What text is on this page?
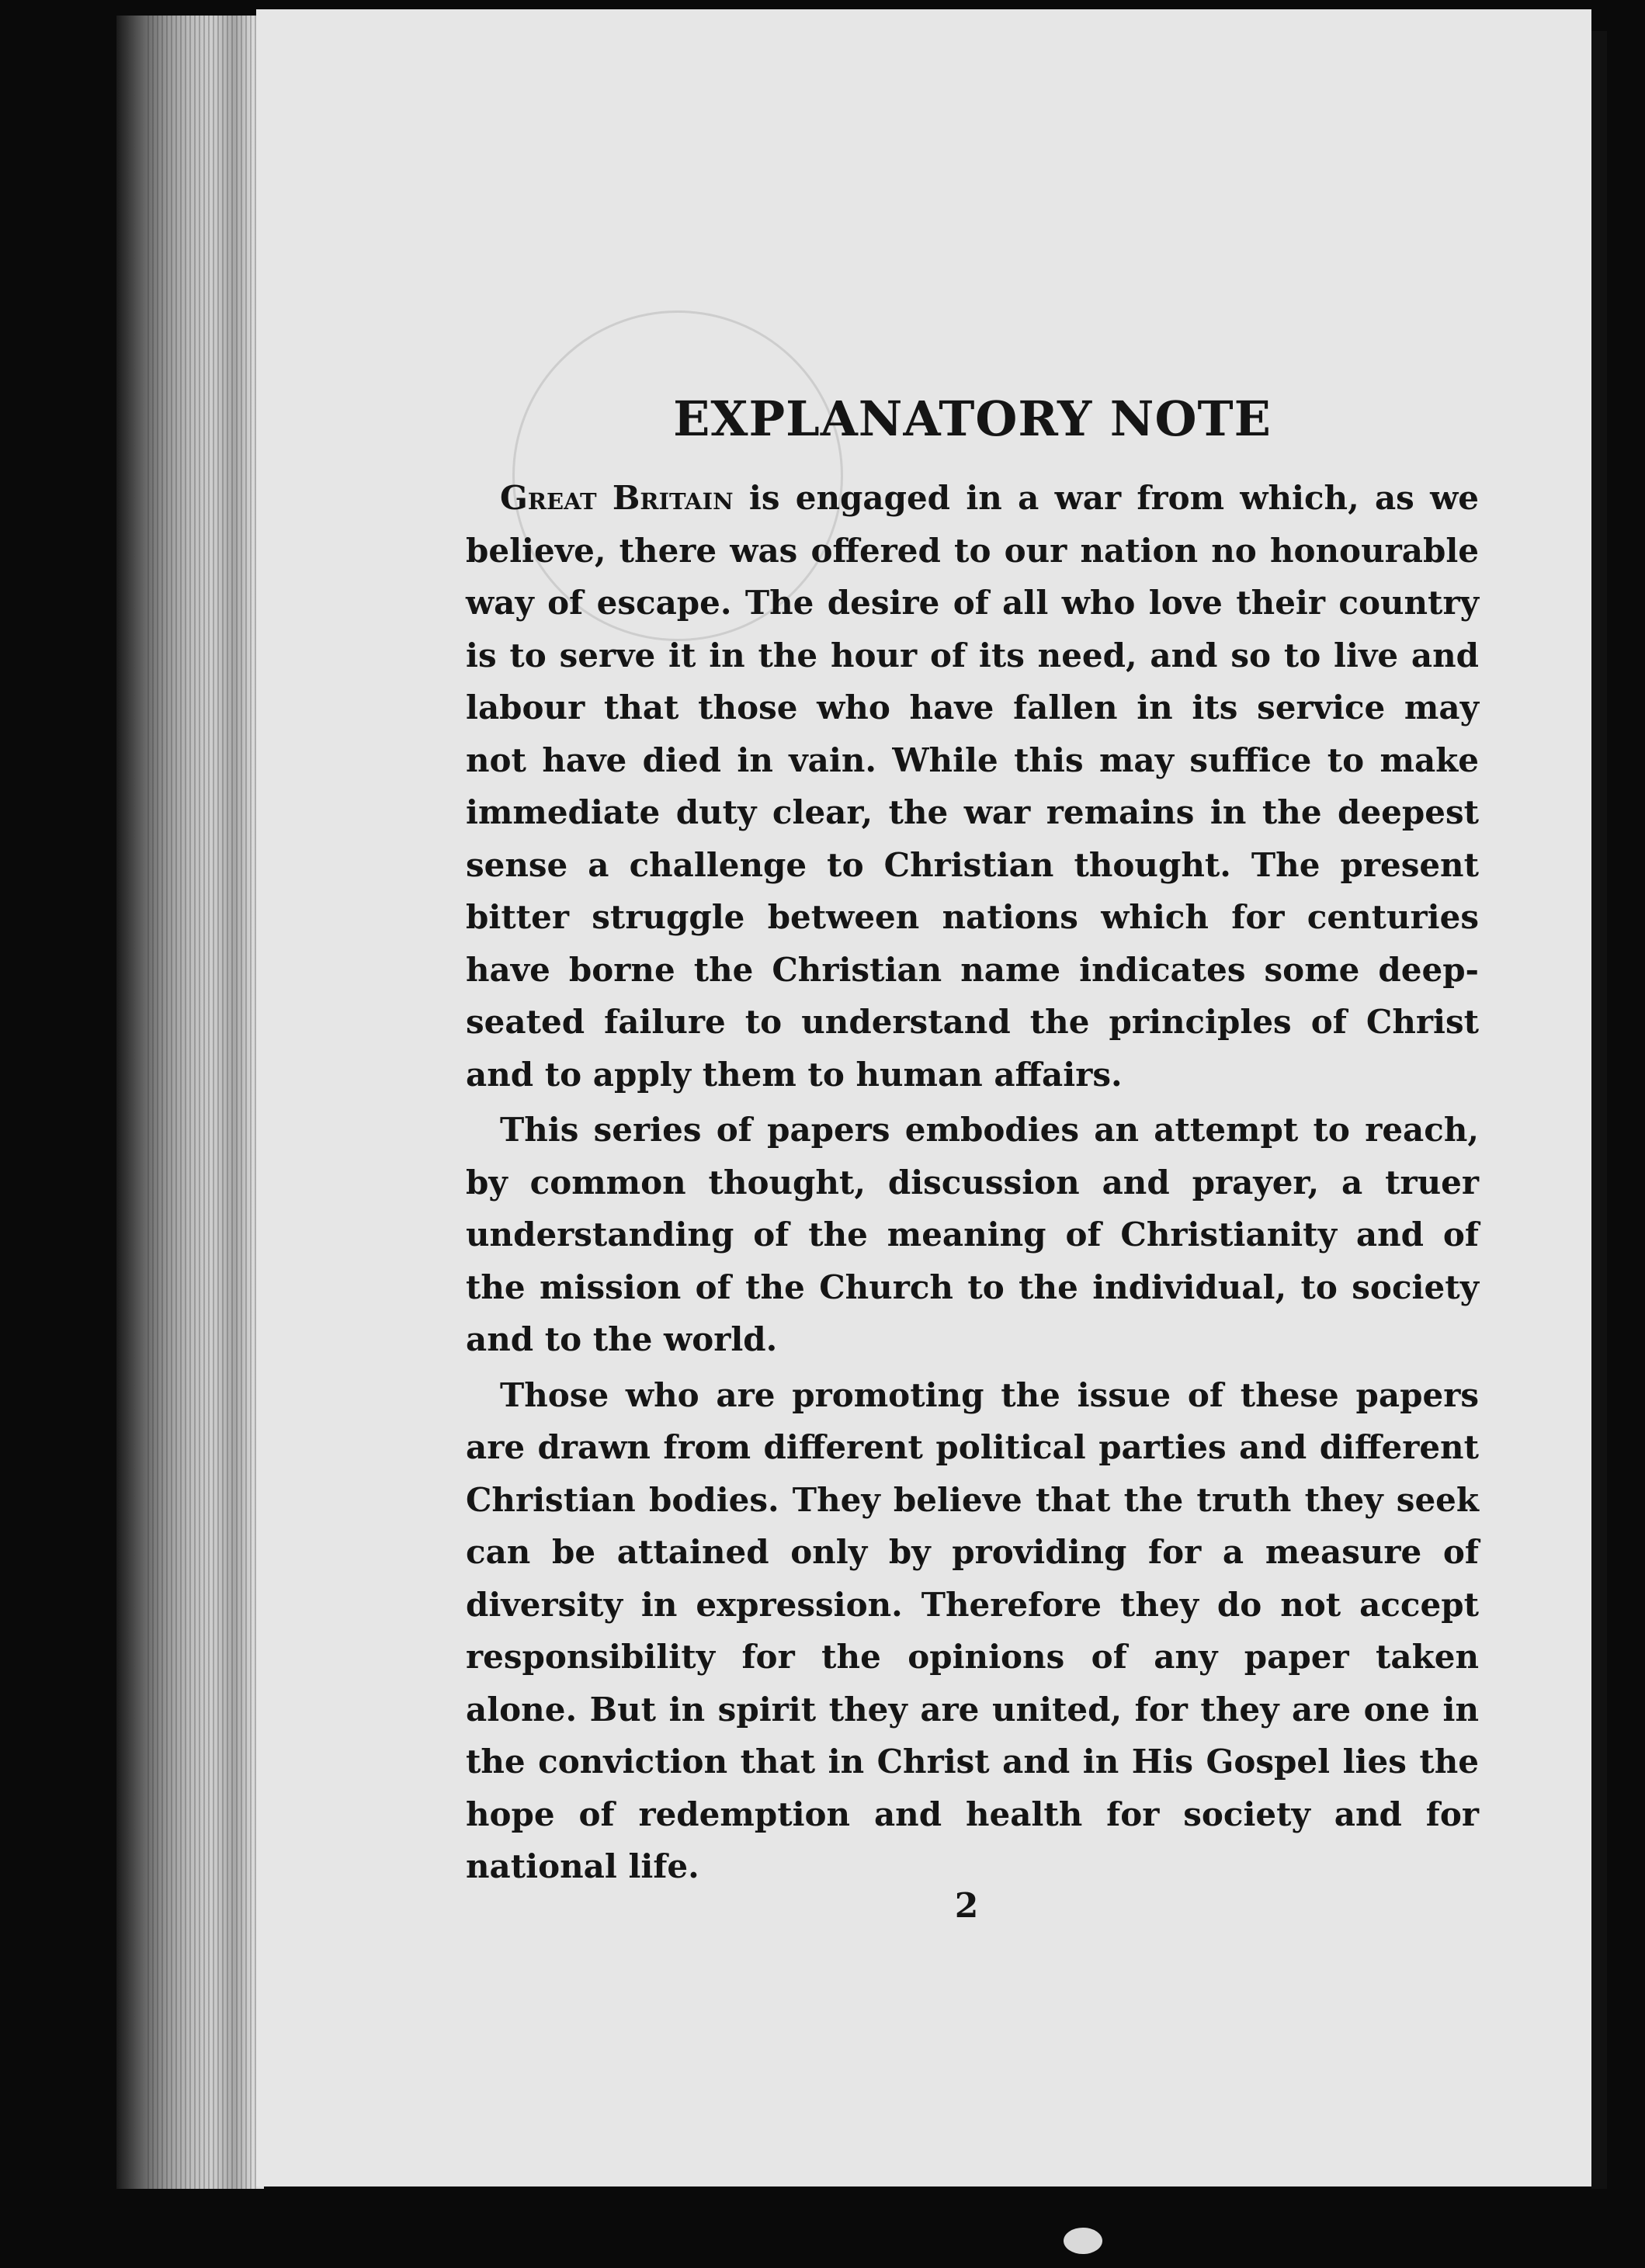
EXPLANATORY NOTE

Great Britain is engaged in a war from which, as we believe, there was offered to our nation no honourable way of escape. The desire of all who love their country is to serve it in the hour of its need, and so to live and labour that those who have fallen in its service may not have died in vain. While this may suffice to make immediate duty clear, the war remains in the deepest sense a challenge to Christian thought. The present bitter struggle between nations which for centuries have borne the Christian name indicates some deep-seated failure to understand the principles of Christ and to apply them to human affairs.

This series of papers embodies an attempt to reach, by common thought, discussion and prayer, a truer understanding of the meaning of Christianity and of the mission of the Church to the individual, to society and to the world.

Those who are promoting the issue of these papers are drawn from different political parties and different Christian bodies. They believe that the truth they seek can be attained only by providing for a measure of diversity in expression. Therefore they do not accept responsibility for the opinions of any paper taken alone. But in spirit they are united, for they are one in the conviction that in Christ and in His Gospel lies the hope of redemption and health for society and for national life.

2
